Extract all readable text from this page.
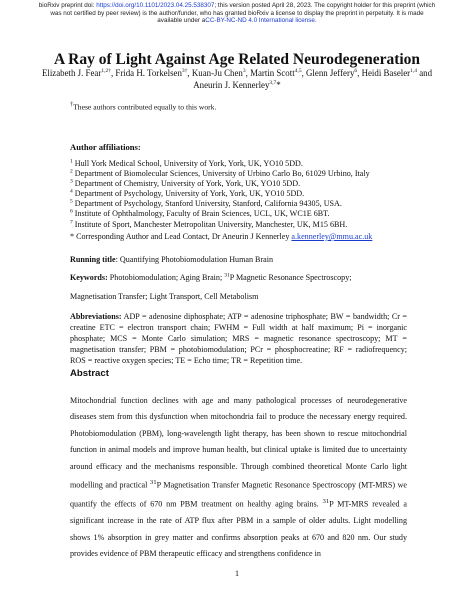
bioRxiv preprint doi: https://doi.org/10.1101/2023.04.25.538307; this version posted April 28, 2023. The copyright holder for this preprint (which
was not certified by peer review) is the author/funder, who has granted bioRxiv a license to display the preprint in perpetuity. It is made
available under aCC-BY-NC-ND 4.0 International license.
A Ray of Light Against Age Related Neurodegeneration
Elizabeth J. Fear$^{1,2\dagger}$, Frida H. Torkelsen$^{3\dagger}$, Kuan-Ju Chen$^3$, Martin Scott$^{4,5}$, Glenn Jeffery$^6$, Heidi Baseler$^{1,4}$ and Aneurin J. Kennerley$^{3,7}$*
†These authors contributed equally to this work.
Author affiliations:
$^1$ Hull York Medical School, University of York, York, UK, YO10 5DD.
$^2$ Department of Biomolecular Sciences, University of Urbino Carlo Bo, 61029 Urbino, Italy
$^3$ Department of Chemistry, University of York, York, UK, YO10 5DD.
$^4$ Department of Psychology, University of York, York, UK, YO10 5DD.
$^5$ Department of Psychology, Stanford University, Stanford, California 94305, USA.
$^6$ Institute of Ophthalmology, Faculty of Brain Sciences, UCL, UK, WC1E 6BT.
$^7$ Institute of Sport, Manchester Metropolitan University, Manchester, UK, M15 6BH.
* Corresponding Author and Lead Contact, Dr Aneurin J Kennerley a.kennerley@mmu.ac.uk
Running title: Quantifying Photobiomodulation Human Brain
Keywords: Photobiomodulation; Aging Brain; $^{31}$P Magnetic Resonance Spectroscopy;
Magnetisation Transfer; Light Transport, Cell Metabolism
Abbreviations: ADP = adenosine diphosphate; ATP = adenosine triphosphate; BW = bandwidth; Cr = creatine ETC = electron transport chain; FWHM = Full width at half maximum; Pi = inorganic phosphate; MCS = Monte Carlo simulation; MRS = magnetic resonance spectroscopy; MT = magnetisation transfer; PBM = photobiomodulation; PCr = phosphocreatine; RF = radiofrequency; ROS = reactive oxygen species; TE = Echo time; TR = Repetition time.
Abstract
Mitochondrial function declines with age and many pathological processes of neurodegenerative diseases stem from this dysfunction when mitochondria fail to produce the necessary energy required. Photobiomodulation (PBM), long-wavelength light therapy, has been shown to rescue mitochondrial function in animal models and improve human health, but clinical uptake is limited due to uncertainty around efficacy and the mechanisms responsible. Through combined theoretical Monte Carlo light modelling and practical $^{31}$P Magnetisation Transfer Magnetic Resonance Spectroscopy (MT-MRS) we quantify the effects of 670 nm PBM treatment on healthy aging brains. $^{31}$P MT-MRS revealed a significant increase in the rate of ATP flux after PBM in a sample of older adults. Light modelling shows 1% absorption in grey matter and confirms absorption peaks at 670 and 820 nm. Our study provides evidence of PBM therapeutic efficacy and strengthens confidence in
1
